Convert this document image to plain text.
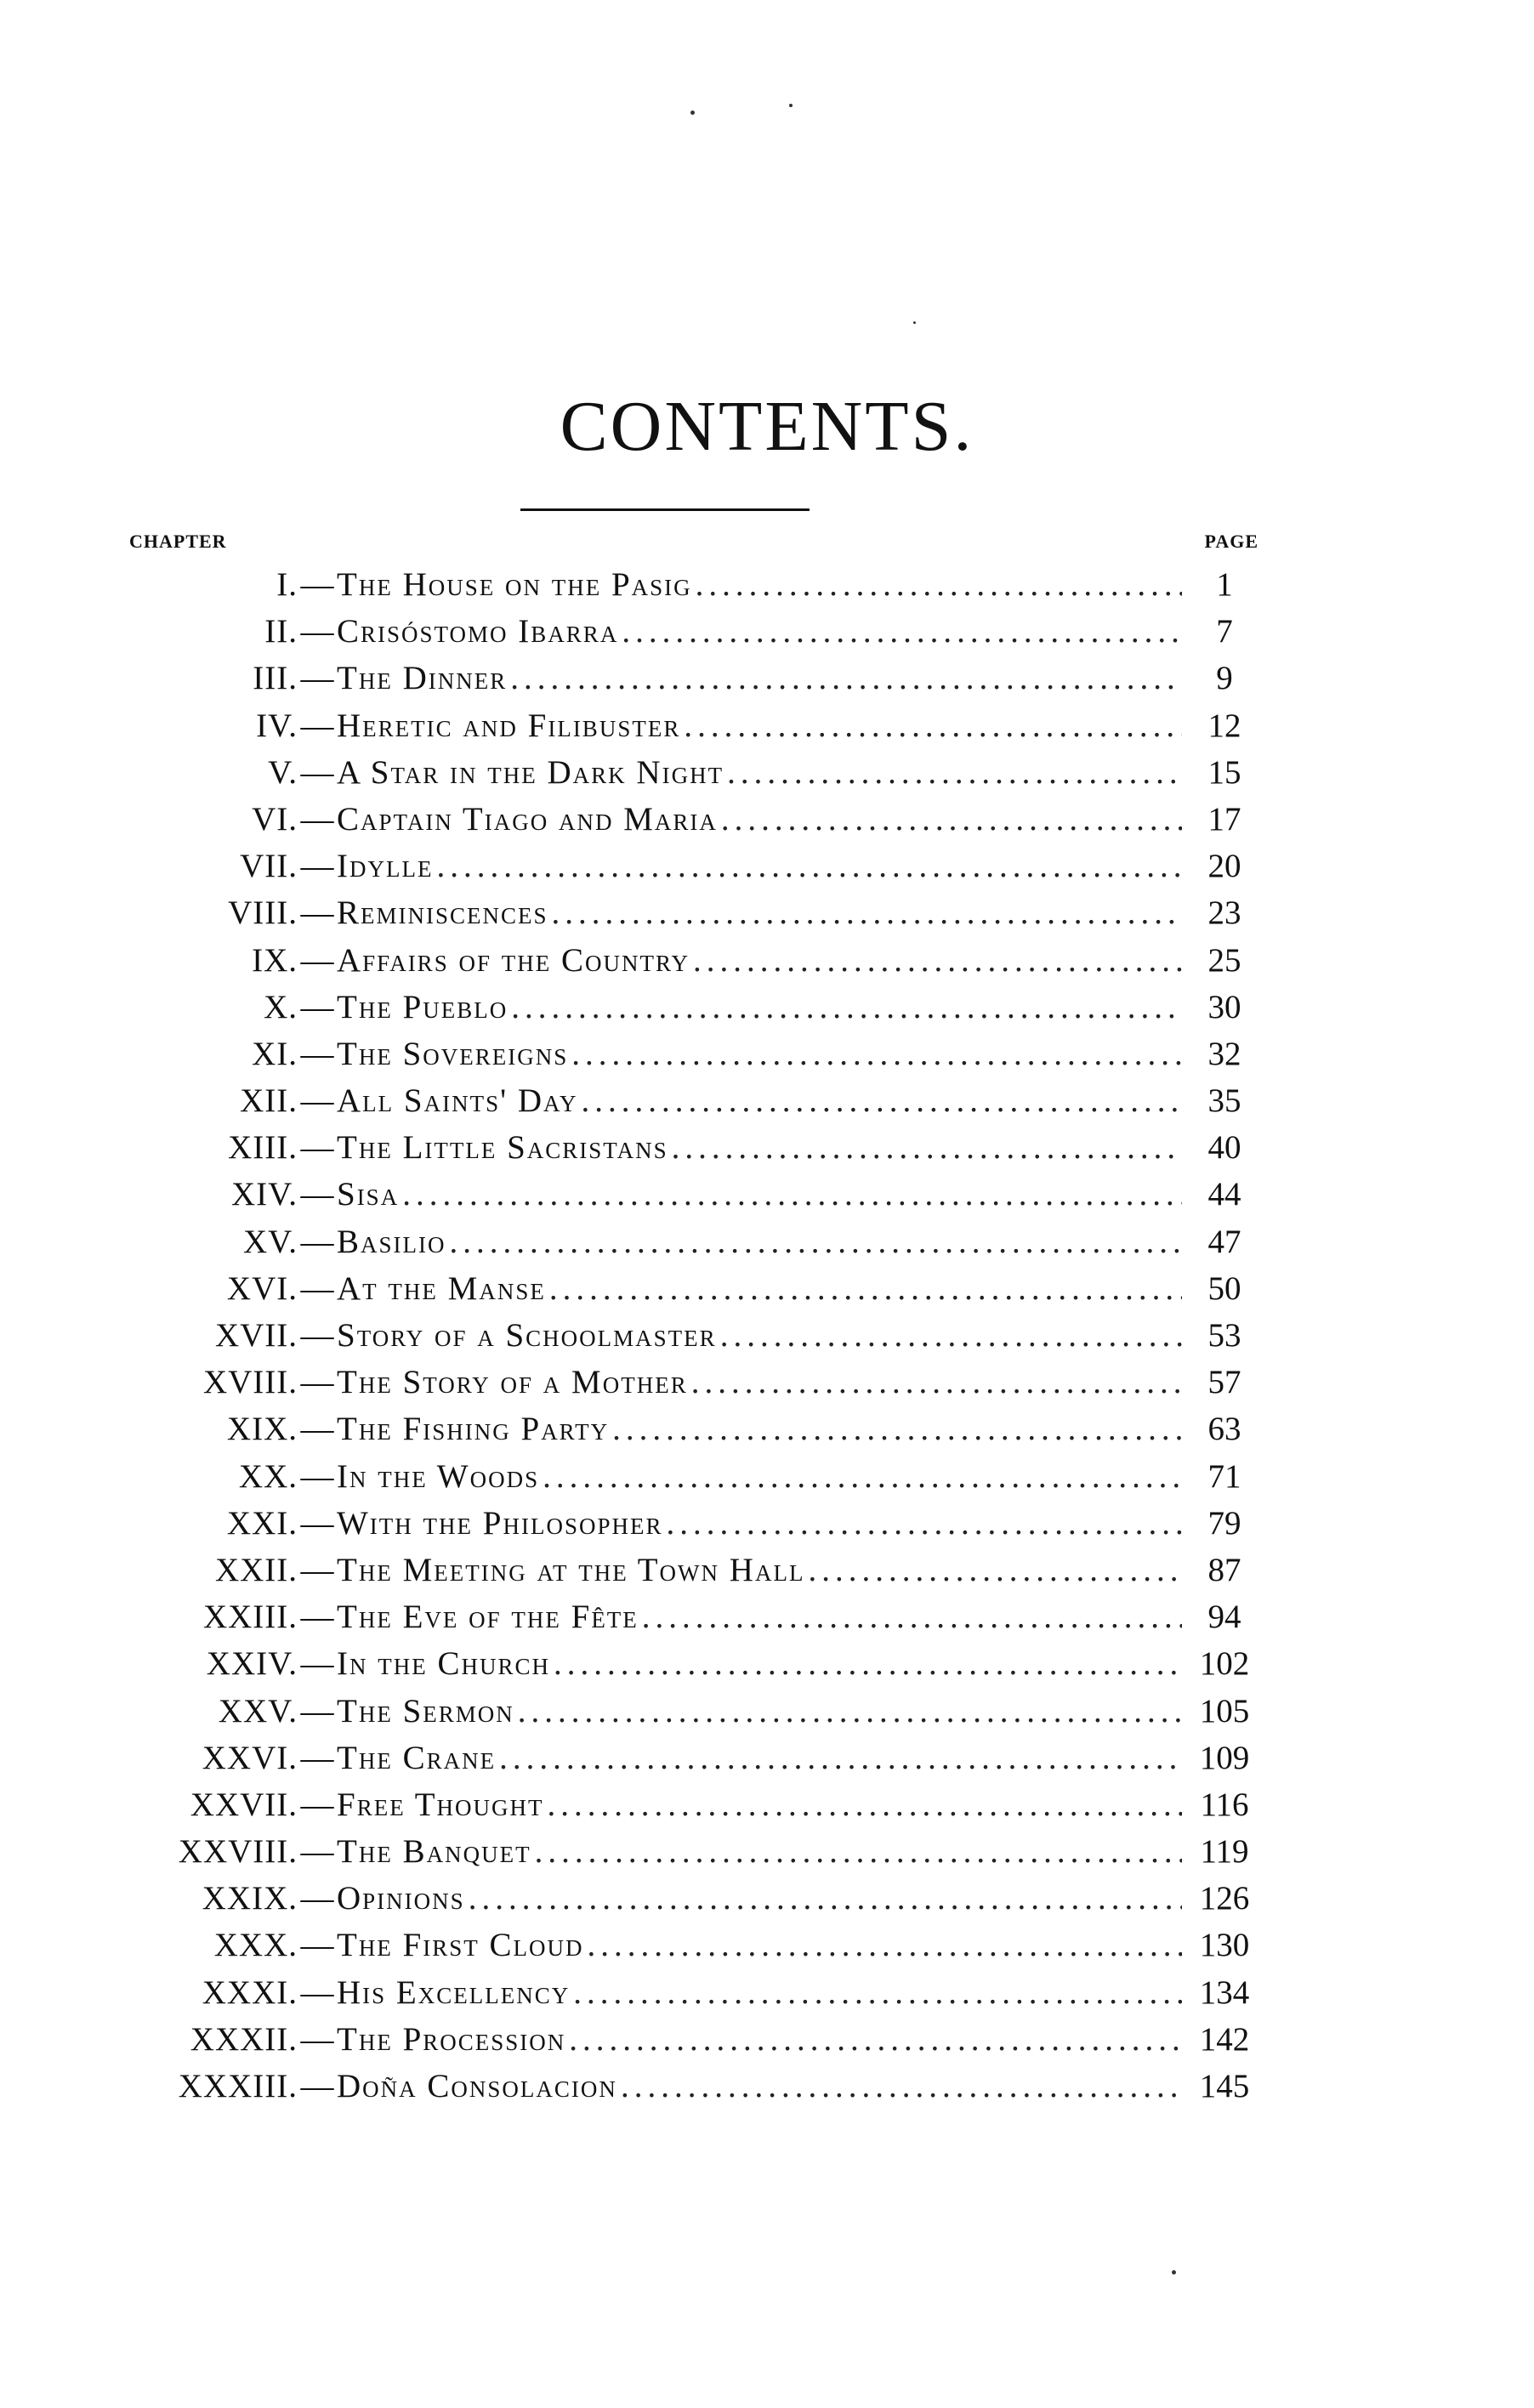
CONTENTS.
CHAPTER	PAGE
I. — The House on the Pasig .....	1
II. — Crisóstomo Ibarra .....	7
III. — The Dinner .....	9
IV. — Heretic and Filibuster .....	12
V. — A Star in the Dark Night .....	15
VI. — Captain Tiago and Maria .....	17
VII. — Idylle .....	20
VIII. — Reminiscences .....	23
IX. — Affairs of the Country .....	25
X. — The Pueblo .....	30
XI. — The Sovereigns .....	32
XII. — All Saints' Day .....	35
XIII. — The Little Sacristans .....	40
XIV. — Sisa .....	44
XV. — Basilio .....	47
XVI. — At the Manse .....	50
XVII. — Story of a Schoolmaster .....	53
XVIII. — The Story of a Mother .....	57
XIX. — The Fishing Party .....	63
XX. — In the Woods .....	71
XXI. — With the Philosopher .....	79
XXII. — The Meeting at the Town Hall .....	87
XXIII. — The Eve of the Fête .....	94
XXIV. — In the Church .....	102
XXV. — The Sermon .....	105
XXVI. — The Crane .....	109
XXVII. — Free Thought .....	116
XXVIII. — The Banquet .....	119
XXIX. — Opinions .....	126
XXX. — The First Cloud .....	130
XXXI. — His Excellency .....	134
XXXII. — The Procession .....	142
XXXIII. — Doña Consolacion .....	145
